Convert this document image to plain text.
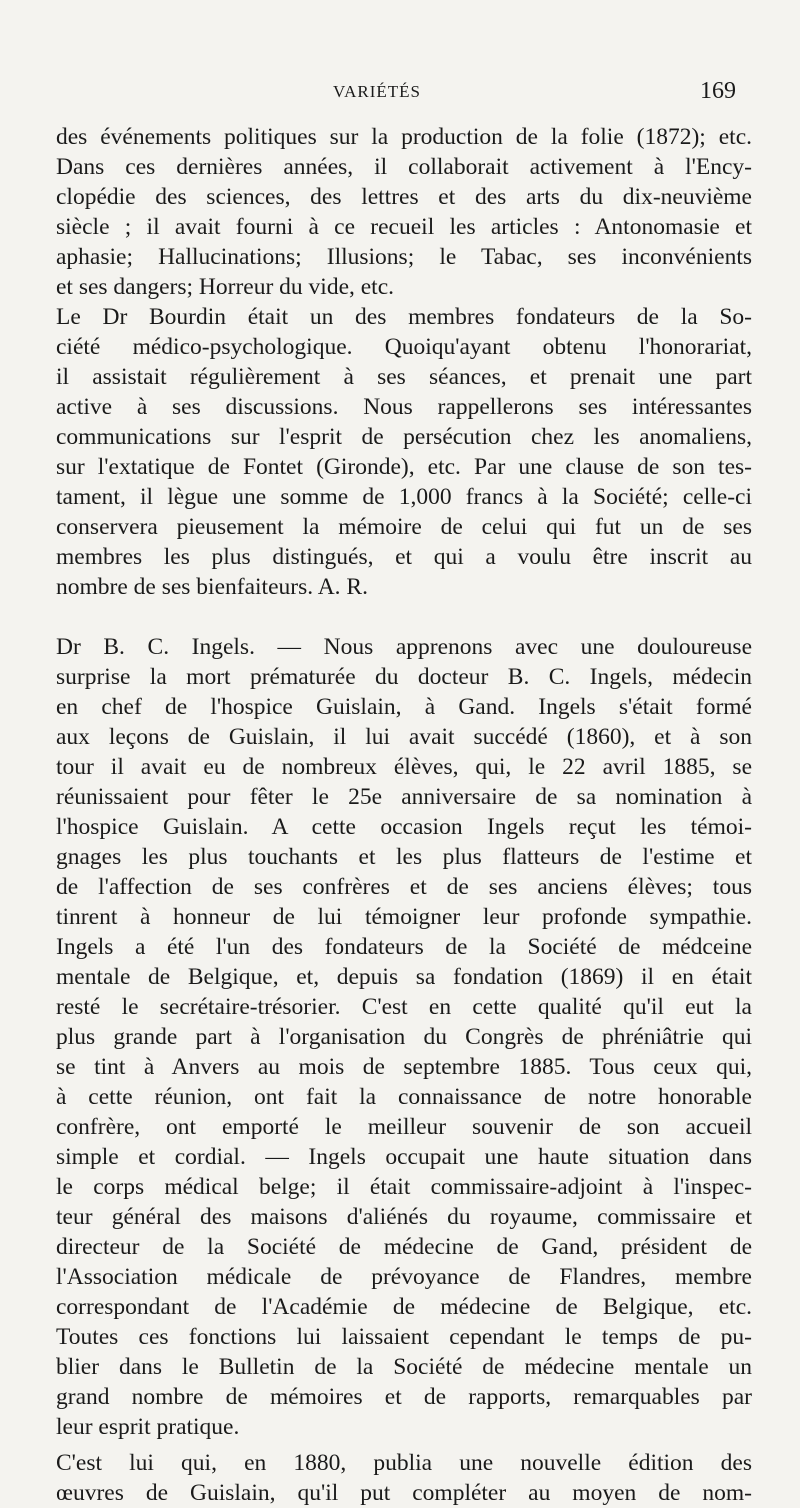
VARIÉTÉS	169
des événements politiques sur la production de la folie (1872); etc.
Dans ces dernières années, il collaborait activement à l'Ency-
clopédie des sciences, des lettres et des arts du dix-neuvième
siècle ; il avait fourni à ce recueil les articles : Antonomasie et
aphasie; Hallucinations; Illusions; le Tabac, ses inconvénients
et ses dangers; Horreur du vide, etc.
Le Dr Bourdin était un des membres fondateurs de la So-
ciété médico-psychologique. Quoiqu'ayant obtenu l'honorariat,
il assistait régulièrement à ses séances, et prenait une part
active à ses discussions. Nous rappellerons ses intéressantes
communications sur l'esprit de persécution chez les anomaliens,
sur l'extatique de Fontet (Gironde), etc. Par une clause de son tes-
tament, il lègue une somme de 1,000 francs à la Société; celle-ci
conservera pieusement la mémoire de celui qui fut un de ses
membres les plus distingués, et qui a voulu être inscrit au
nombre de ses bienfaiteurs. A. R.
Dr B. C. Ingels. — Nous apprenons avec une douloureuse
surprise la mort prématurée du docteur B. C. Ingels, médecin
en chef de l'hospice Guislain, à Gand. Ingels s'était formé
aux leçons de Guislain, il lui avait succédé (1860), et à son
tour il avait eu de nombreux élèves, qui, le 22 avril 1885, se
réunissaient pour fêter le 25e anniversaire de sa nomination à
l'hospice Guislain. A cette occasion Ingels reçut les témoi-
gnages les plus touchants et les plus flatteurs de l'estime et
de l'affection de ses confrères et de ses anciens élèves; tous
tinrent à honneur de lui témoigner leur profonde sympathie.
Ingels a été l'un des fondateurs de la Société de médceine
mentale de Belgique, et, depuis sa fondation (1869) il en était
resté le secrétaire-trésorier. C'est en cette qualité qu'il eut la
plus grande part à l'organisation du Congrès de phréniâtrie qui
se tint à Anvers au mois de septembre 1885. Tous ceux qui,
à cette réunion, ont fait la connaissance de notre honorable
confrère, ont emporté le meilleur souvenir de son accueil
simple et cordial. — Ingels occupait une haute situation dans
le corps médical belge; il était commissaire-adjoint à l'inspec-
teur général des maisons d'aliénés du royaume, commissaire et
directeur de la Société de médecine de Gand, président de
l'Association médicale de prévoyance de Flandres, membre
correspondant de l'Académie de médecine de Belgique, etc.
Toutes ces fonctions lui laissaient cependant le temps de pu-
blier dans le Bulletin de la Société de médecine mentale un
grand nombre de mémoires et de rapports, remarquables par
leur esprit pratique.
C'est lui qui, en 1880, publia une nouvelle édition des
œuvres de Guislain, qu'il put compléter au moyen de nom-
